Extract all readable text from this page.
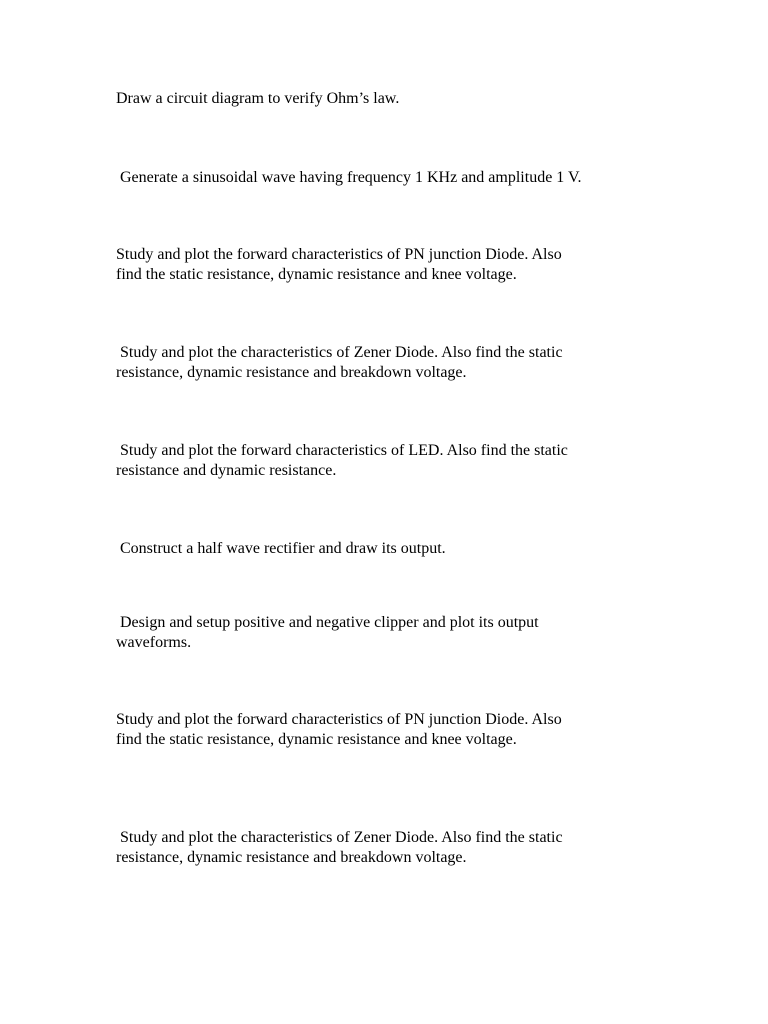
Draw a circuit diagram to verify Ohm’s law.

Generate a sinusoidal wave having frequency 1 KHz and amplitude 1 V.

Study and plot the forward characteristics of PN junction Diode. Also
find the static resistance, dynamic resistance and knee voltage.

Study and plot the characteristics of Zener Diode. Also find the static
resistance, dynamic resistance and breakdown voltage.

Study and plot the forward characteristics of LED. Also find the static
resistance and dynamic resistance.

Construct a half wave rectifier and draw its output.

Design and setup positive and negative clipper and plot its output
waveforms.

Study and plot the forward characteristics of PN junction Diode. Also
find the static resistance, dynamic resistance and knee voltage.

Study and plot the characteristics of Zener Diode. Also find the static
resistance, dynamic resistance and breakdown voltage.
